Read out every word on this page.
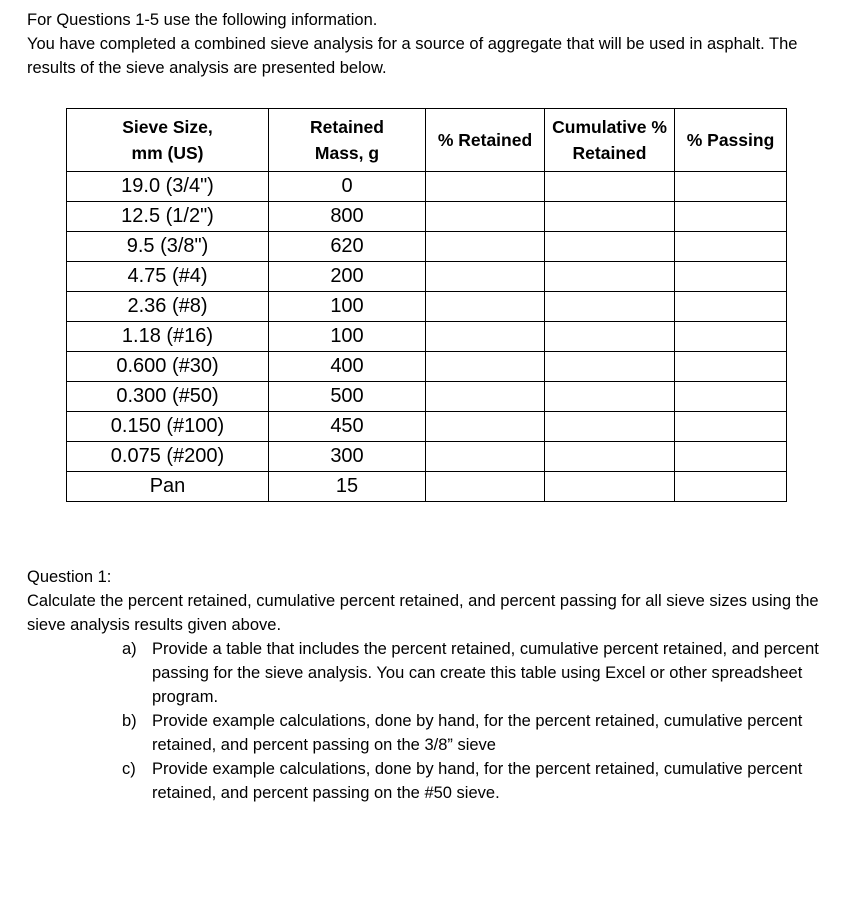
For Questions 1-5 use the following information.

You have completed a combined sieve analysis for a source of aggregate that will be used in asphalt. The results of the sieve analysis are presented below.

Sieve Size, mm (US)	Retained Mass, g	% Retained	Cumulative % Retained	% Passing
19.0 (3/4")	0			
12.5 (1/2")	800			
9.5 (3/8")	620			
4.75 (#4)	200			
2.36 (#8)	100			
1.18 (#16)	100			
0.600 (#30)	400			
0.300 (#50)	500			
0.150 (#100)	450			
0.075 (#200)	300			
Pan	15			

Question 1:

Calculate the percent retained, cumulative percent retained, and percent passing for all sieve sizes using the sieve analysis results given above.

a) Provide a table that includes the percent retained, cumulative percent retained, and percent passing for the sieve analysis. You can create this table using Excel or other spreadsheet program.
b) Provide example calculations, done by hand, for the percent retained, cumulative percent retained, and percent passing on the 3/8” sieve
c) Provide example calculations, done by hand, for the percent retained, cumulative percent retained, and percent passing on the #50 sieve.
